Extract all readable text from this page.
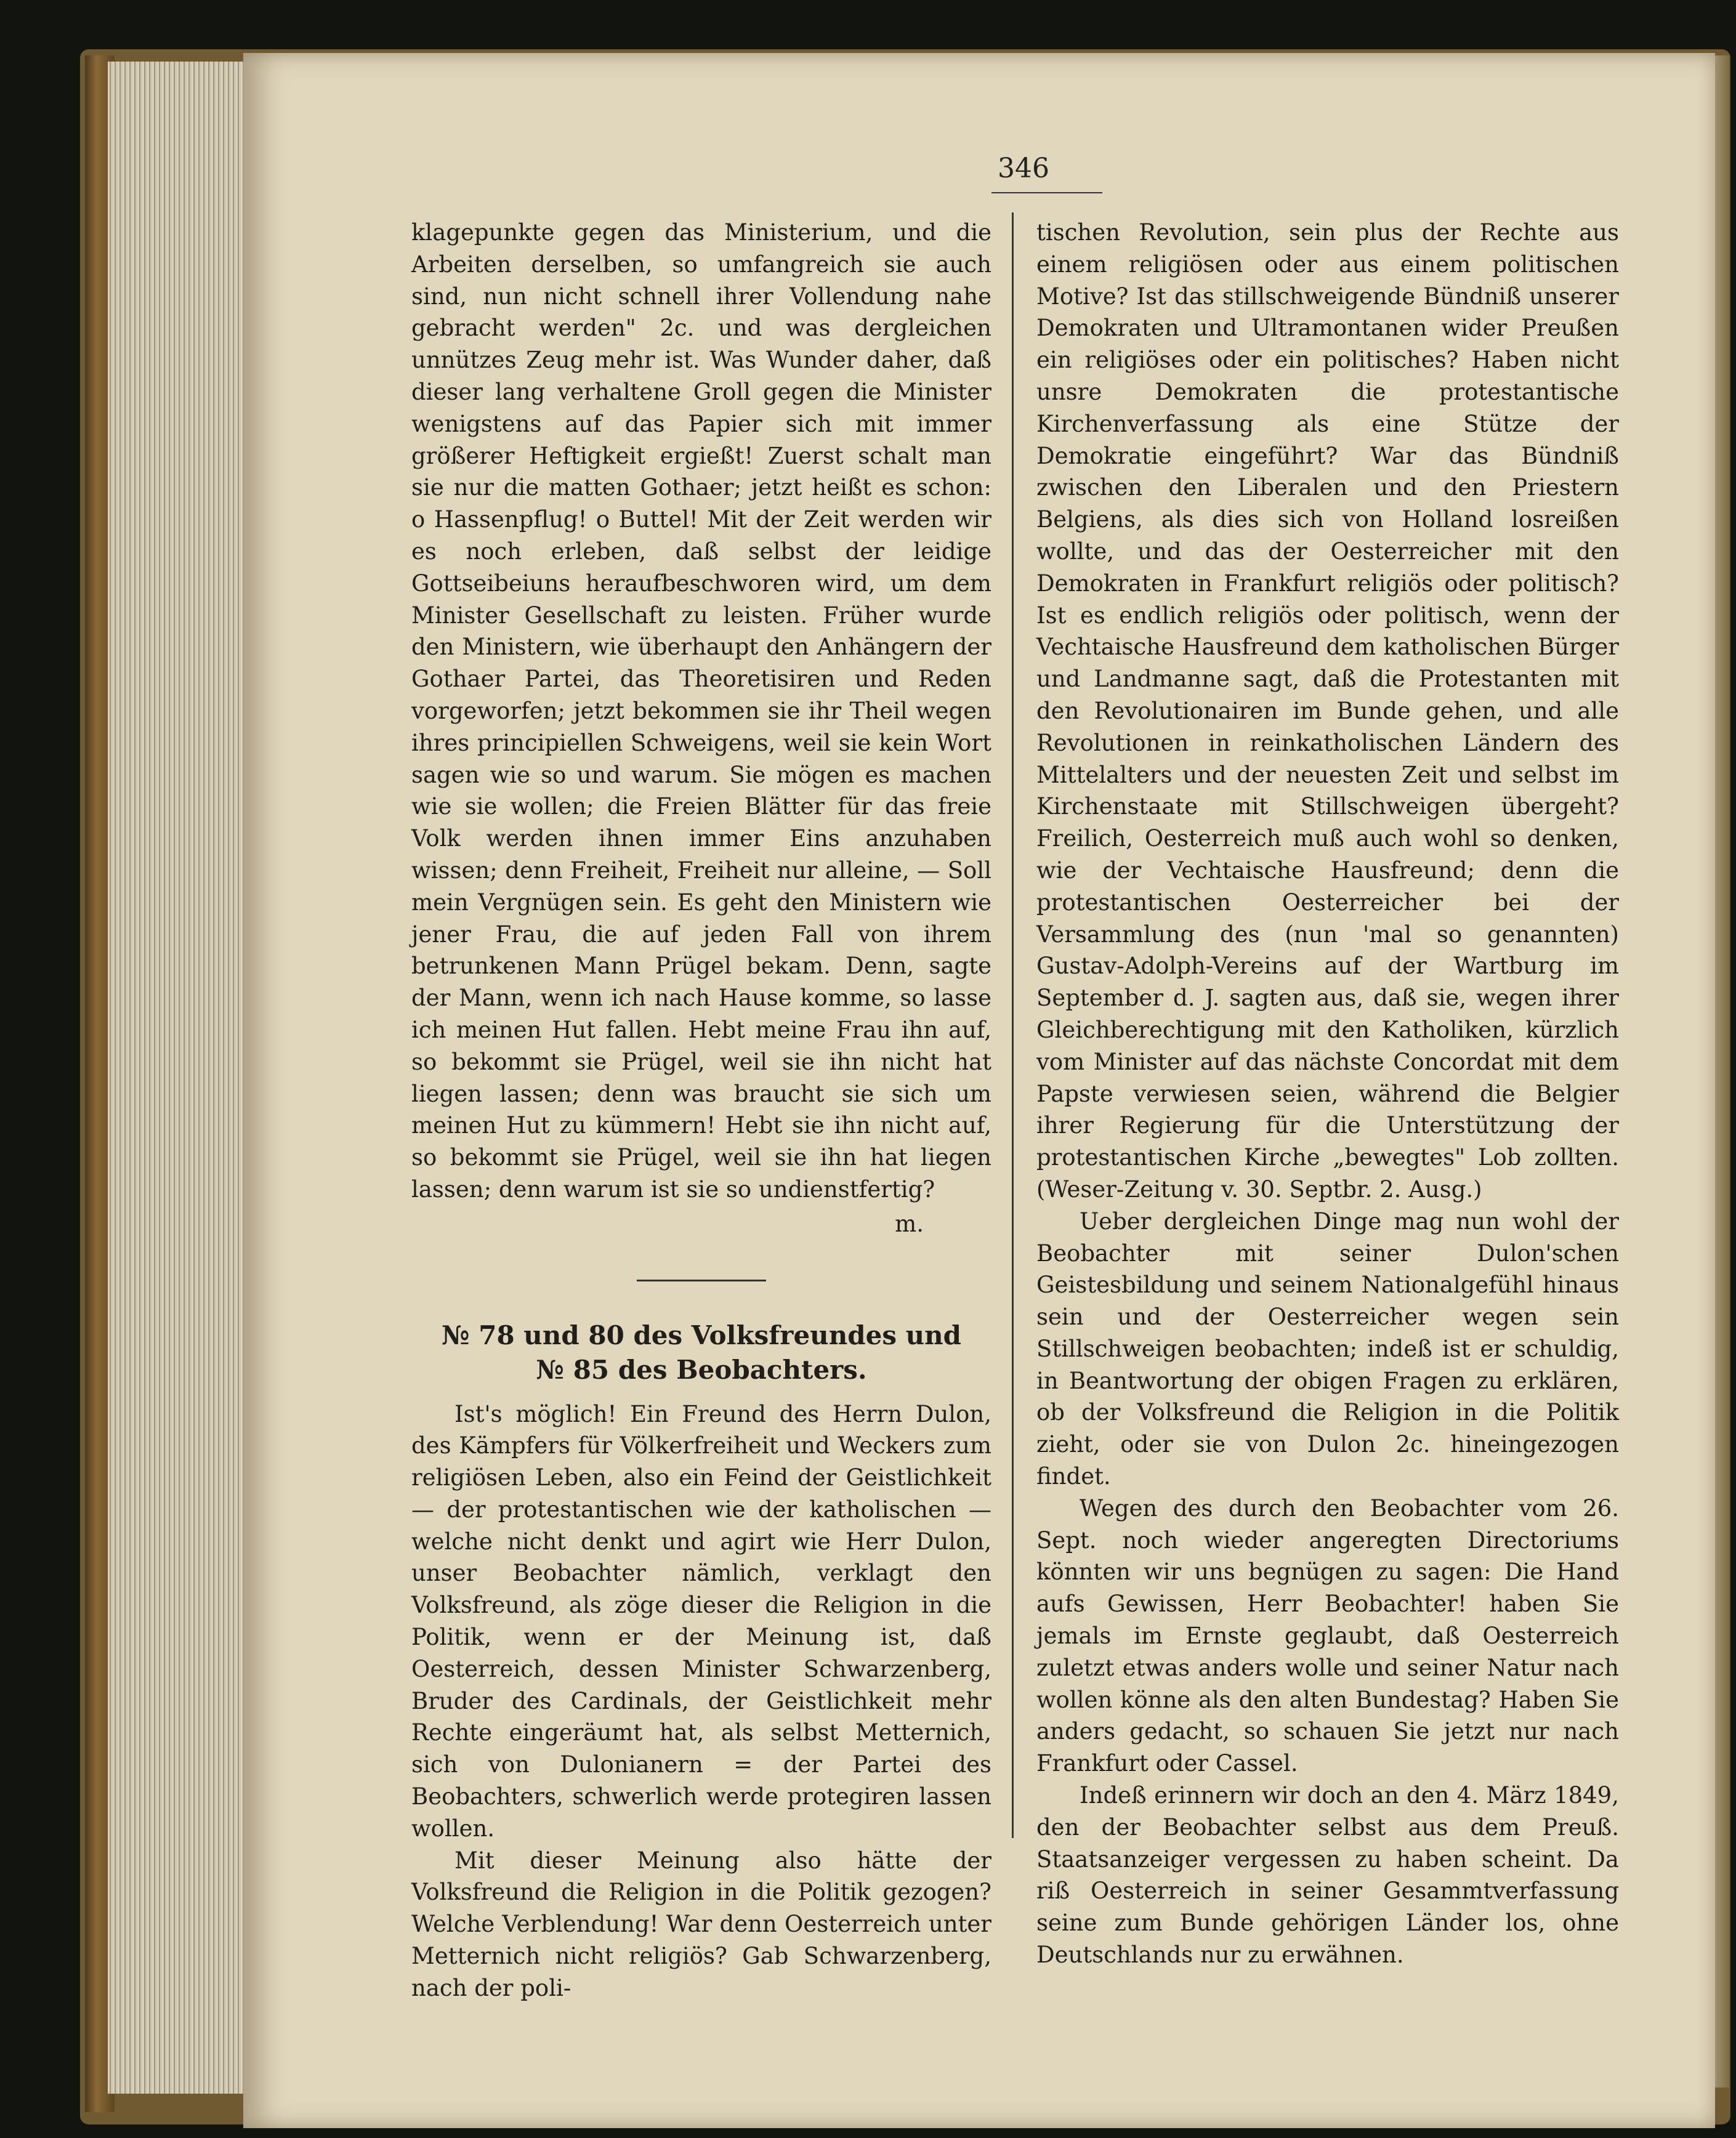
346

klagepunkte gegen das Ministerium, und die Arbeiten derselben, so umfangreich sie auch sind, nun nicht schnell ihrer Vollendung nahe gebracht werden" 2c. und was dergleichen unnützes Zeug mehr ist. Was Wunder daher, daß dieser lang verhaltene Groll gegen die Minister wenigstens auf das Papier sich mit immer größerer Heftigkeit ergießt! Zuerst schalt man sie nur die matten Gothaer; jetzt heißt es schon: o Hassenpflug! o Buttel! Mit der Zeit werden wir es noch erleben, daß selbst der leidige Gottseibeiuns heraufbeschworen wird, um dem Minister Gesellschaft zu leisten. Früher wurde den Ministern, wie überhaupt den Anhängern der Gothaer Partei, das Theoretisiren und Reden vorgeworfen; jetzt bekommen sie ihr Theil wegen ihres principiellen Schweigens, weil sie kein Wort sagen wie so und warum. Sie mögen es machen wie sie wollen; die Freien Blätter für das freie Volk werden ihnen immer Eins anzuhaben wissen; denn Freiheit, Freiheit nur alleine, — Soll mein Vergnügen sein. Es geht den Ministern wie jener Frau, die auf jeden Fall von ihrem betrunkenen Mann Prügel bekam. Denn, sagte der Mann, wenn ich nach Hause komme, so lasse ich meinen Hut fallen. Hebt meine Frau ihn auf, so bekommt sie Prügel, weil sie ihn nicht hat liegen lassen; denn was braucht sie sich um meinen Hut zu kümmern! Hebt sie ihn nicht auf, so bekommt sie Prügel, weil sie ihn hat liegen lassen; denn warum ist sie so undienstfertig?

m.

№ 78 und 80 des Volksfreundes und
№ 85 des Beobachters.

Ist's möglich! Ein Freund des Herrn Dulon, des Kämpfers für Völkerfreiheit und Weckers zum religiösen Leben, also ein Feind der Geistlichkeit — der protestantischen wie der katholischen — welche nicht denkt und agirt wie Herr Dulon, unser Beobachter nämlich, verklagt den Volksfreund, als zöge dieser die Religion in die Politik, wenn er der Meinung ist, daß Oesterreich, dessen Minister Schwarzenberg, Bruder des Cardinals, der Geistlichkeit mehr Rechte eingeräumt hat, als selbst Metternich, sich von Dulonianern = der Partei des Beobachters, schwerlich werde protegiren lassen wollen.

Mit dieser Meinung also hätte der Volksfreund die Religion in die Politik gezogen? Welche Verblendung! War denn Oesterreich unter Metternich nicht religiös? Gab Schwarzenberg, nach der poli-

tischen Revolution, sein plus der Rechte aus einem religiösen oder aus einem politischen Motive? Ist das stillschweigende Bündniß unserer Demokraten und Ultramontanen wider Preußen ein religiöses oder ein politisches? Haben nicht unsre Demokraten die protestantische Kirchenverfassung als eine Stütze der Demokratie eingeführt? War das Bündniß zwischen den Liberalen und den Priestern Belgiens, als dies sich von Holland losreißen wollte, und das der Oesterreicher mit den Demokraten in Frankfurt religiös oder politisch? Ist es endlich religiös oder politisch, wenn der Vechtaische Hausfreund dem katholischen Bürger und Landmanne sagt, daß die Protestanten mit den Revolutionairen im Bunde gehen, und alle Revolutionen in reinkatholischen Ländern des Mittelalters und der neuesten Zeit und selbst im Kirchenstaate mit Stillschweigen übergeht? Freilich, Oesterreich muß auch wohl so denken, wie der Vechtaische Hausfreund; denn die protestantischen Oesterreicher bei der Versammlung des (nun 'mal so genannten) Gustav-Adolph-Vereins auf der Wartburg im September d. J. sagten aus, daß sie, wegen ihrer Gleichberechtigung mit den Katholiken, kürzlich vom Minister auf das nächste Concordat mit dem Papste verwiesen seien, während die Belgier ihrer Regierung für die Unterstützung der protestantischen Kirche „bewegtes" Lob zollten. (Weser-Zeitung v. 30. Septbr. 2. Ausg.)

Ueber dergleichen Dinge mag nun wohl der Beobachter mit seiner Dulon'schen Geistesbildung und seinem Nationalgefühl hinaus sein und der Oesterreicher wegen sein Stillschweigen beobachten; indeß ist er schuldig, in Beantwortung der obigen Fragen zu erklären, ob der Volksfreund die Religion in die Politik zieht, oder sie von Dulon 2c. hineingezogen findet.

Wegen des durch den Beobachter vom 26. Sept. noch wieder angeregten Directoriums könnten wir uns begnügen zu sagen: Die Hand aufs Gewissen, Herr Beobachter! haben Sie jemals im Ernste geglaubt, daß Oesterreich zuletzt etwas anders wolle und seiner Natur nach wollen könne als den alten Bundestag? Haben Sie anders gedacht, so schauen Sie jetzt nur nach Frankfurt oder Cassel.

Indeß erinnern wir doch an den 4. März 1849, den der Beobachter selbst aus dem Preuß. Staatsanzeiger vergessen zu haben scheint. Da riß Oesterreich in seiner Gesammtverfassung seine zum Bunde gehörigen Länder los, ohne Deutschlands nur zu erwähnen.
